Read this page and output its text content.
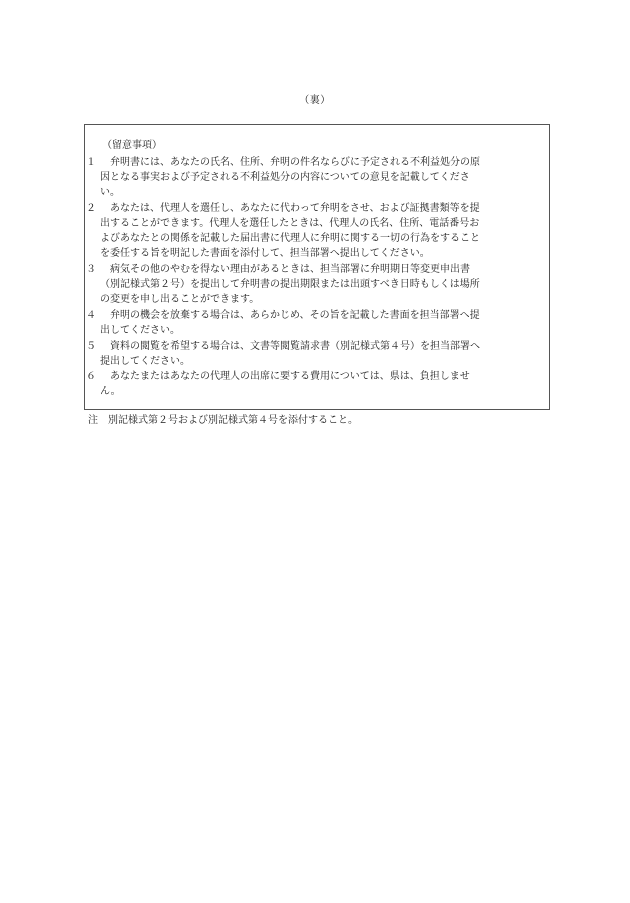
（裏）
（留意事項）
１ 　弁明書には、あなたの氏名、住所、弁明の件名ならびに予定される不利益処分の原
因となる事実および予定される不利益処分の内容についての意見を記載してくださ
い。
２ 　あなたは、代理人を選任し、あなたに代わって弁明をさせ、および証拠書類等を提
出することができます。代理人を選任したときは、代理人の氏名、住所、電話番号お
よびあなたとの関係を記載した届出書に代理人に弁明に関する一切の行為をすること
を委任する旨を明記した書面を添付して、担当部署へ提出してください。
３ 　病気その他のやむを得ない理由があるときは、担当部署に弁明期日等変更申出書
（別記様式第２号）を提出して弁明書の提出期限または出頭すべき日時もしくは場所
の変更を申し出ることができます。
４ 　弁明の機会を放棄する場合は、あらかじめ、その旨を記載した書面を担当部署へ提
出してください。
５ 　資料の閲覧を希望する場合は、文書等閲覧請求書（別記様式第４号）を担当部署へ
提出してください。
６ 　あなたまたはあなたの代理人の出席に要する費用については、県は、負担しませ
ん。
注　別記様式第２号および別記様式第４号を添付すること。
